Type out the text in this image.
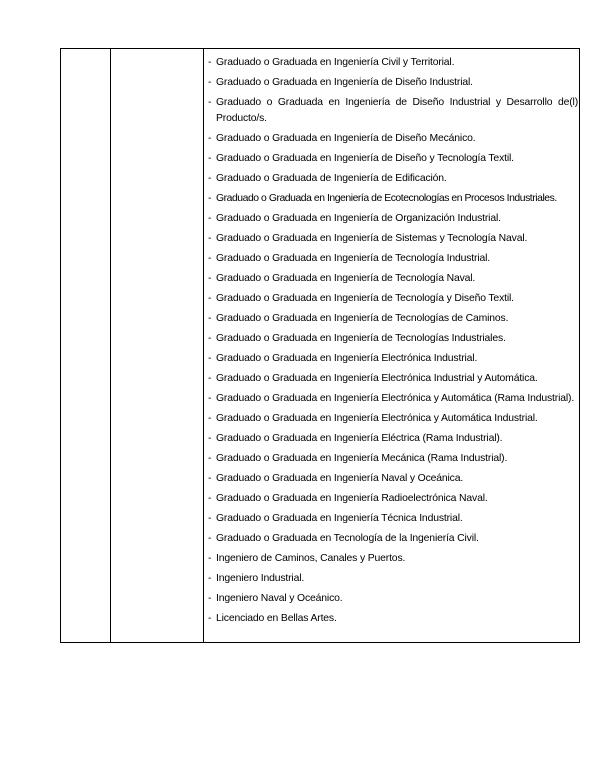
- Graduado o Graduada en Ingeniería Civil y Territorial.
- Graduado o Graduada en Ingeniería de Diseño Industrial.
- Graduado o Graduada en Ingeniería de Diseño Industrial y Desarrollo de(l) Producto/s.
- Graduado o Graduada en Ingeniería de Diseño Mecánico.
- Graduado o Graduada en Ingeniería de Diseño y Tecnología Textil.
- Graduado o Graduada de Ingeniería de Edificación.
- Graduado o Graduada en Ingeniería de Ecotecnologías en Procesos Industriales.
- Graduado o Graduada en Ingeniería de Organización Industrial.
- Graduado o Graduada en Ingeniería de Sistemas y Tecnología Naval.
- Graduado o Graduada en Ingeniería de Tecnología Industrial.
- Graduado o Graduada en Ingeniería de Tecnología Naval.
- Graduado o Graduada en Ingeniería de Tecnología y Diseño Textil.
- Graduado o Graduada en Ingeniería de Tecnologías de Caminos.
- Graduado o Graduada en Ingeniería de Tecnologías Industriales.
- Graduado o Graduada en Ingeniería Electrónica Industrial.
- Graduado o Graduada en Ingeniería Electrónica Industrial y Automática.
- Graduado o Graduada en Ingeniería Electrónica y Automática (Rama Industrial).
- Graduado o Graduada en Ingeniería Electrónica y Automática Industrial.
- Graduado o Graduada en Ingeniería Eléctrica (Rama Industrial).
- Graduado o Graduada en Ingeniería Mecánica (Rama Industrial).
- Graduado o Graduada en Ingeniería Naval y Oceánica.
- Graduado o Graduada en Ingeniería Radioelectrónica Naval.
- Graduado o Graduada en Ingeniería Técnica Industrial.
- Graduado o Graduada en Tecnología de la Ingeniería Civil.
- Ingeniero de Caminos, Canales y Puertos.
- Ingeniero Industrial.
- Ingeniero Naval y Oceánico.
- Licenciado en Bellas Artes.
